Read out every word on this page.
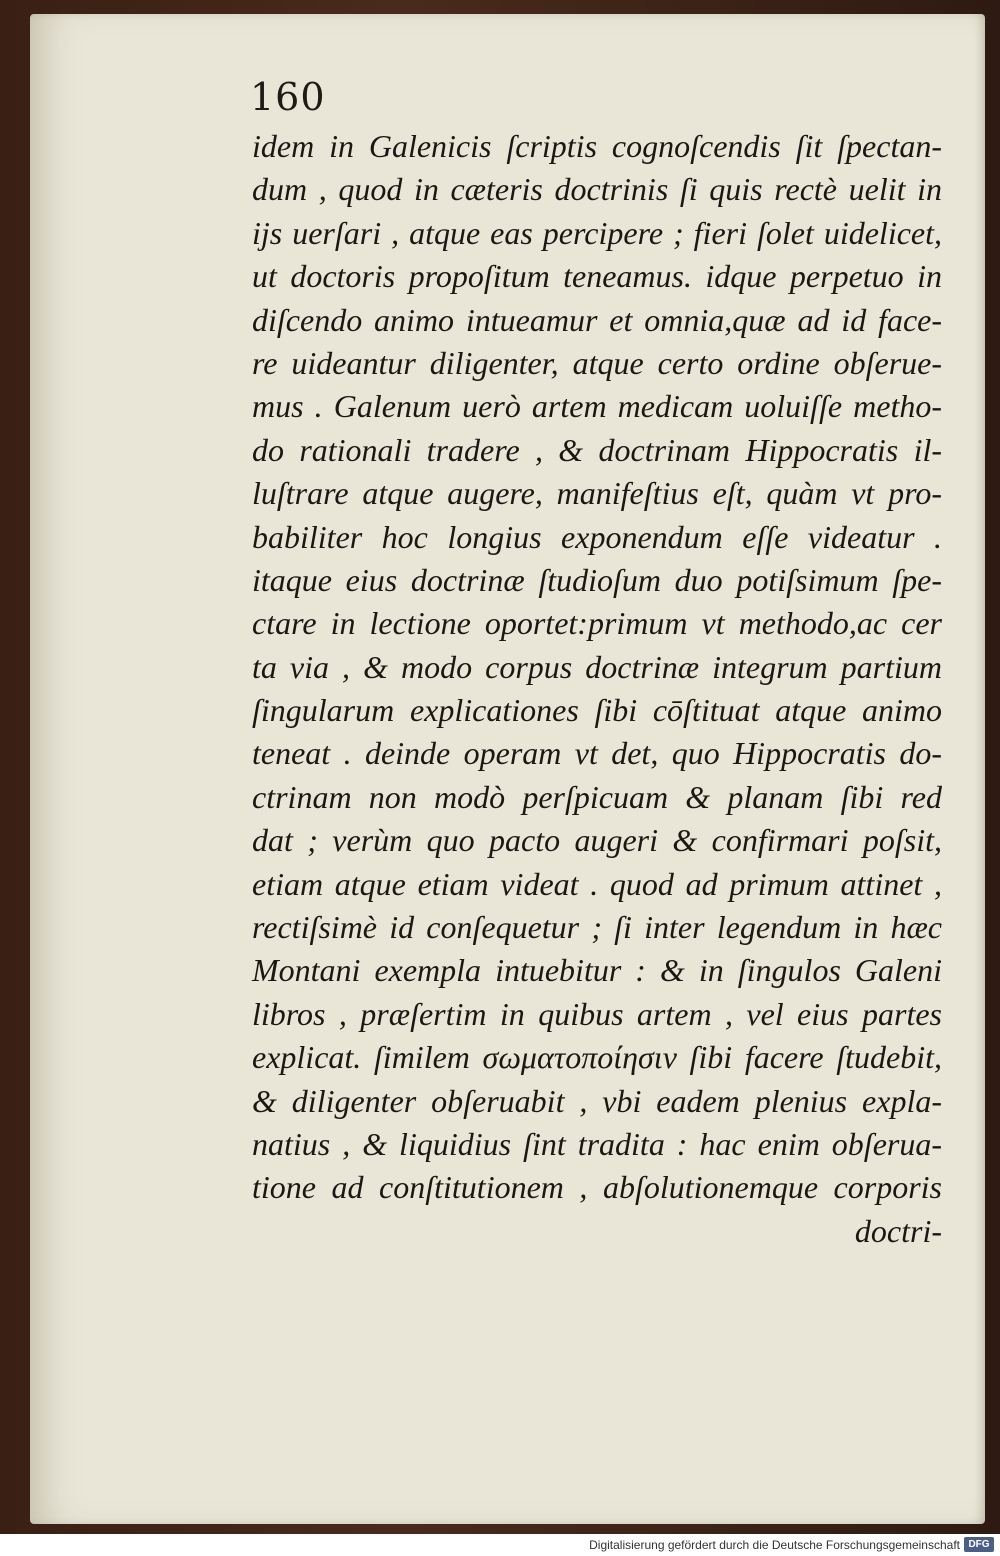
160
idem in Galenicis ſcriptis cognoſcendis ſit ſpectan-
dum , quod in cæteris doctrinis ſi quis rectè uelit in
ijs uerſari , atque eas percipere ; fieri ſolet uidelicet,
ut doctoris propoſitum teneamus. idque perpetuo in
diſcendo animo intueamur et omnia,quæ ad id face-
re uideantur diligenter, atque certo ordine obſerue-
mus . Galenum uerò artem medicam uoluiſſe metho-
do rationali tradere , & doctrinam Hippocratis il-
luſtrare atque augere, manifeſtius eſt, quàm vt pro-
babiliter hoc longius exponendum eſſe videatur .
itaque eius doctrinæ ſtudioſum duo potiſsimum ſpe-
ctare in lectione oportet:primum vt methodo,ac cer
ta via , & modo corpus doctrinæ integrum partium
ſingularum explicationes ſibi cōſtituat atque animo
teneat . deinde operam vt det, quo Hippocratis do-
ctrinam non modò perſpicuam & planam ſibi red
dat ; verùm quo pacto augeri & confirmari poſsit,
etiam atque etiam videat . quod ad primum attinet ,
rectiſsimè id conſequetur ; ſi inter legendum in hæc
Montani exempla intuebitur : & in ſingulos Galeni
libros , præſertim in quibus artem , vel eius partes
explicat. ſimilem σωματοποίησιν ſibi facere ſtudebit,
& diligenter obſeruabit , vbi eadem plenius expla-
natius , & liquidius ſint tradita : hac enim obſerua-
tione ad conſtitutionem , abſolutionemque corporis
doctri-
Digitalisierung gefördert durch die Deutsche Forschungsgemeinschaft DFG
